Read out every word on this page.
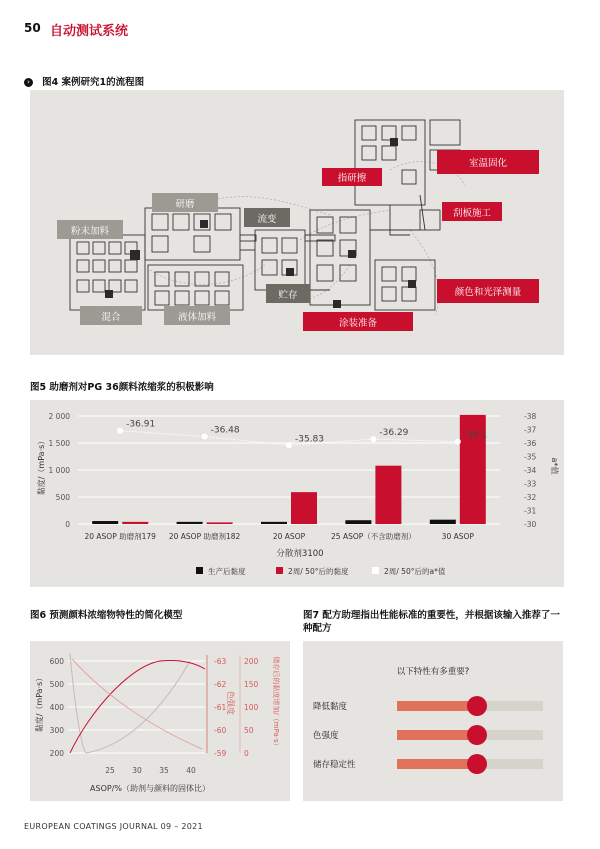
50 自动测试系统
› 图4 案例研究1的流程图
粉末加料
研磨
流变
贮存
混合	液体加料
指研擦
室温固化
刮板施工
颜色和光泽测量
涂装准备
图5 助磨剂对PG 36颜料浓缩浆的积极影响
-36.91
-36.48
-35.83
-36.29	-36.1
2 000
1 500
1 000
500
0
-38
-37
-36
-35
-34
-33
-32
-31
-30
20 ASOP 助磨剂179 20 ASOP 助磨剂182	20 ASOP	25 ASOP（不含助磨剂）	30 ASOP
黏度/（mPa·s）	a*值
分散剂3100
生产后黏度	2周/ 50°后的黏度	2周/ 50°后的a*值
图6 预测颜料浓缩物特性的简化模型
600
500
400
300
200
-63
-62
-61
-60
-59
200
150
100
50
0
25 30 35 40
黏度/（mPa·s）	色强度	储存后的黏度增加/（mPa·s）
ASOP/%（助剂与颜料的固体比）
图7 配方助理指出性能标准的重要性，并根据该输入推荐了一种配方
以下特性有多重要?
降低黏度
色强度
储存稳定性
EUROPEAN COATINGS JOURNAL 09 – 2021
